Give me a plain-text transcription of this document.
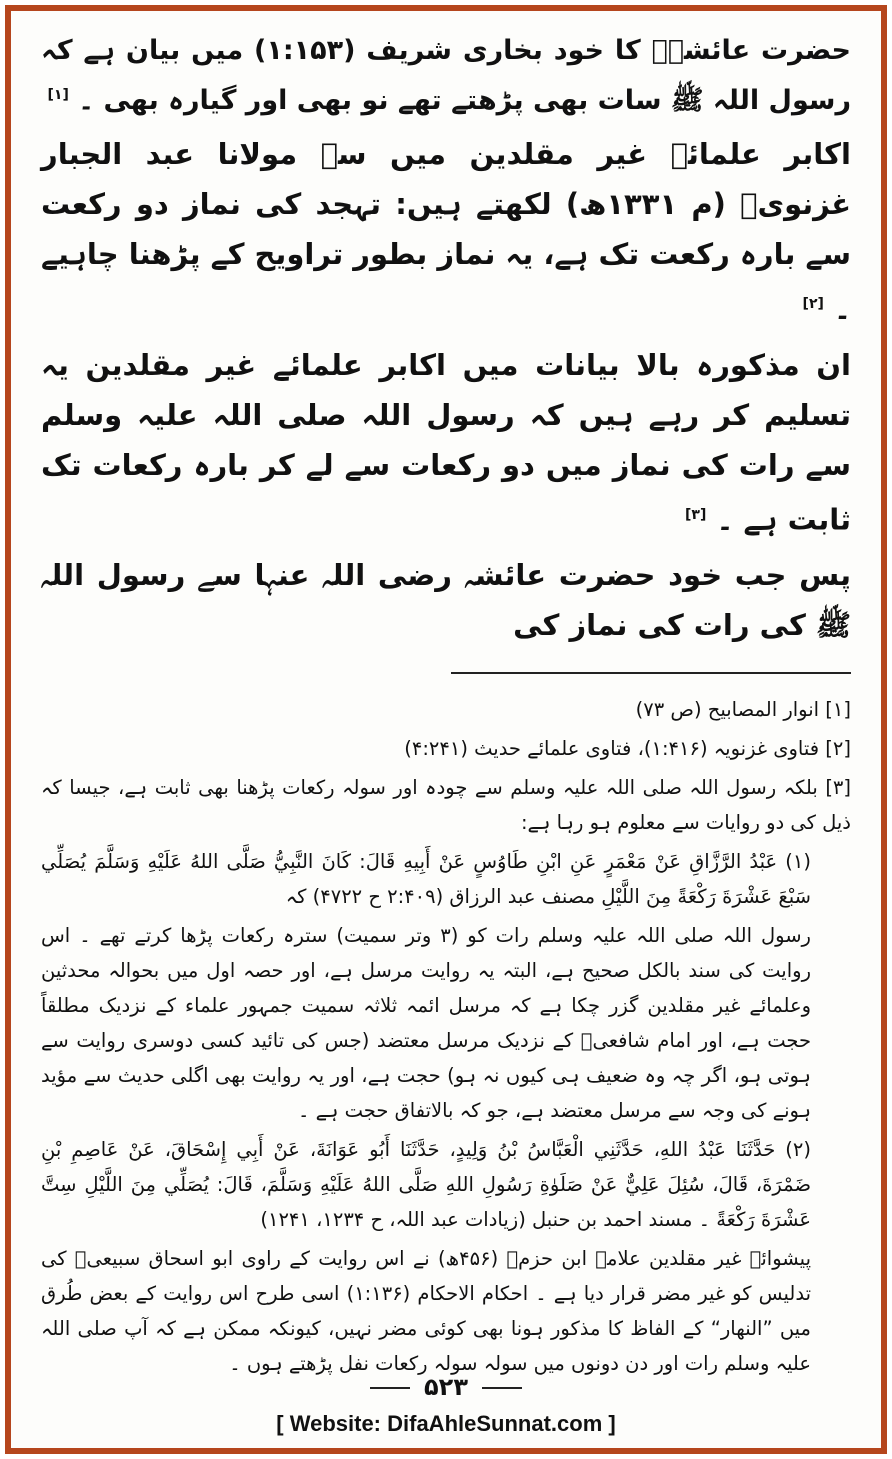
حضرت عائشہؓ کا خود بخاری شریف (۱:۱۵۳) میں بیان ہے کہ رسول اللہ ﷺ سات بھی پڑھتے تھے نو بھی اور گیارہ بھی ۔ [۱]

اکابر علمائے غیر مقلدین میں سے مولانا عبد الجبار غزنویؒ (م ۱۳۳۱ھ) لکھتے ہیں: تہجد کی نماز دو رکعت سے بارہ رکعت تک ہے، یہ نماز بطور تراویح کے پڑھنا چاہیے ۔ [۲]

ان مذکورہ بالا بیانات میں اکابر علمائے غیر مقلدین یہ تسلیم کر رہے ہیں کہ رسول اللہ صلی اللہ علیہ وسلم سے رات کی نماز میں دو رکعات سے لے کر بارہ رکعات تک ثابت ہے ۔ [۳]

پس جب خود حضرت عائشہ رضی اللہ عنہا سے رسول اللہ ﷺ کی رات کی نماز کی

[۱] انوار المصابیح (ص ۷۳)

[۲] فتاوی غزنویہ (۱:۴۱۶)، فتاوی علمائے حدیث (۴:۲۴۱)

[۳] بلکہ رسول اللہ صلی اللہ علیہ وسلم سے چودہ اور سولہ رکعات پڑھنا بھی ثابت ہے، جیسا کہ ذیل کی دو روایات سے معلوم ہو رہا ہے:

(۱) عَبْدُ الرَّزَّاقِ عَنْ مَعْمَرٍ عَنِ ابْنِ طَاوُسٍ عَنْ أَبِيهِ قَالَ: كَانَ النَّبِيُّ صَلَّى اللهُ عَلَيْهِ وَسَلَّمَ يُصَلِّي سَبْعَ عَشْرَةَ رَكْعَةً مِنَ اللَّيْلِ مصنف عبد الرزاق (۲:۴۰۹ ح ۴۷۲۲) کہ

رسول اللہ صلی اللہ علیہ وسلم رات کو (۳ وتر سمیت) سترہ رکعات پڑھا کرتے تھے ۔ اس روایت کی سند بالکل صحیح ہے، البتہ یہ روایت مرسل ہے، اور حصہ اول میں بحوالہ محدثین وعلمائے غیر مقلدین گزر چکا ہے کہ مرسل ائمہ ثلاثہ سمیت جمہور علماء کے نزدیک مطلقاً حجت ہے، اور امام شافعیؒ کے نزدیک مرسل معتضد (جس کی تائید کسی دوسری روایت سے ہوتی ہو، اگر چہ وہ ضعیف ہی کیوں نہ ہو) حجت ہے، اور یہ روایت بھی اگلی حدیث سے مؤید ہونے کی وجہ سے مرسل معتضد ہے، جو کہ بالاتفاق حجت ہے ۔

(۲) حَدَّثَنَا عَبْدُ اللهِ، حَدَّثَنِي الْعَبَّاسُ بْنُ وَلِيدٍ، حَدَّثَنَا أَبُو عَوَانَةَ، عَنْ أَبِي إِسْحَاقَ، عَنْ عَاصِمِ بْنِ ضَمْرَةَ، قَالَ، سُئِلَ عَلِيٌّ عَنْ صَلَوٰةِ رَسُولِ اللهِ صَلَّى اللهُ عَلَيْهِ وَسَلَّمَ، قَالَ: يُصَلِّي مِنَ اللَّيْلِ سِتَّ عَشْرَةَ رَكْعَةً ۔ مسند احمد بن حنبل (زیادات عبد اللہ، ح ۱۲۳۴، ۱۲۴۱)

پیشوائے غیر مقلدین علامہ ابن حزمؒ (۴۵۶ھ) نے اس روایت کے راوی ابو اسحاق سبیعیؒ کی تدلیس کو غیر مضر قرار دیا ہے ۔ احکام الاحکام (۱:۱۳۶) اسی طرح اس روایت کے بعض طُرق میں ”النھار“ کے الفاظ کا مذکور ہونا بھی کوئی مضر نہیں، کیونکہ ممکن ہے کہ آپ صلی اللہ علیہ وسلم رات اور دن دونوں میں سولہ سولہ رکعات نفل پڑھتے ہوں ۔

۵۲۳
[ Website: DifaAhleSunnat.com ]
